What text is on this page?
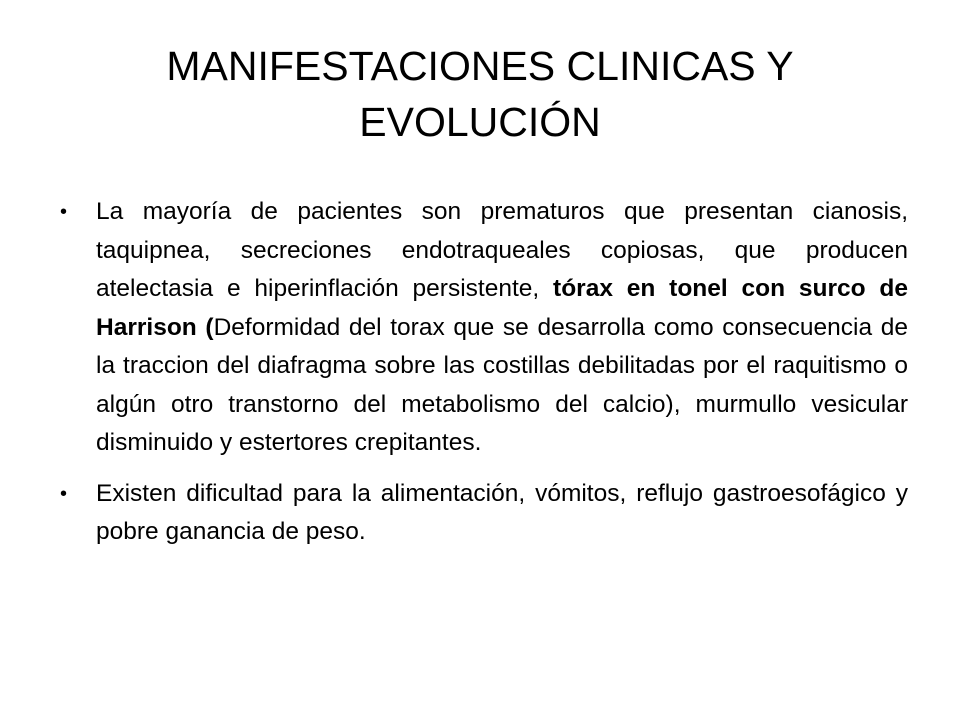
MANIFESTACIONES CLINICAS Y
EVOLUCIÓN
• La mayoría de pacientes son prematuros que presentan cianosis, taquipnea, secreciones endotraqueales copiosas, que producen atelectasia e hiperinflación persistente, tórax en tonel con surco de Harrison (Deformidad del torax que se desarrolla como consecuencia de la traccion del diafragma sobre las costillas debilitadas por el raquitismo o algún otro transtorno del metabolismo del calcio), murmullo vesicular disminuido y estertores crepitantes.
• Existen dificultad para la alimentación, vómitos, reflujo gastroesofágico y pobre ganancia de peso.
